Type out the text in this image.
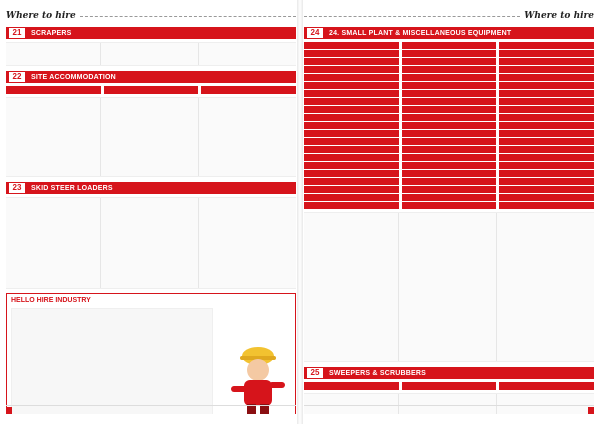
Where to hire
21	SCRAPERS
22	SITE ACCOMMODATION
23	SKID STEER LOADERS
HELLO HIRE INDUSTRY
Where to hire
24	24. SMALL PLANT & MISCELLANEOUS EQUIPMENT
25	SWEEPERS & SCRUBBERS
